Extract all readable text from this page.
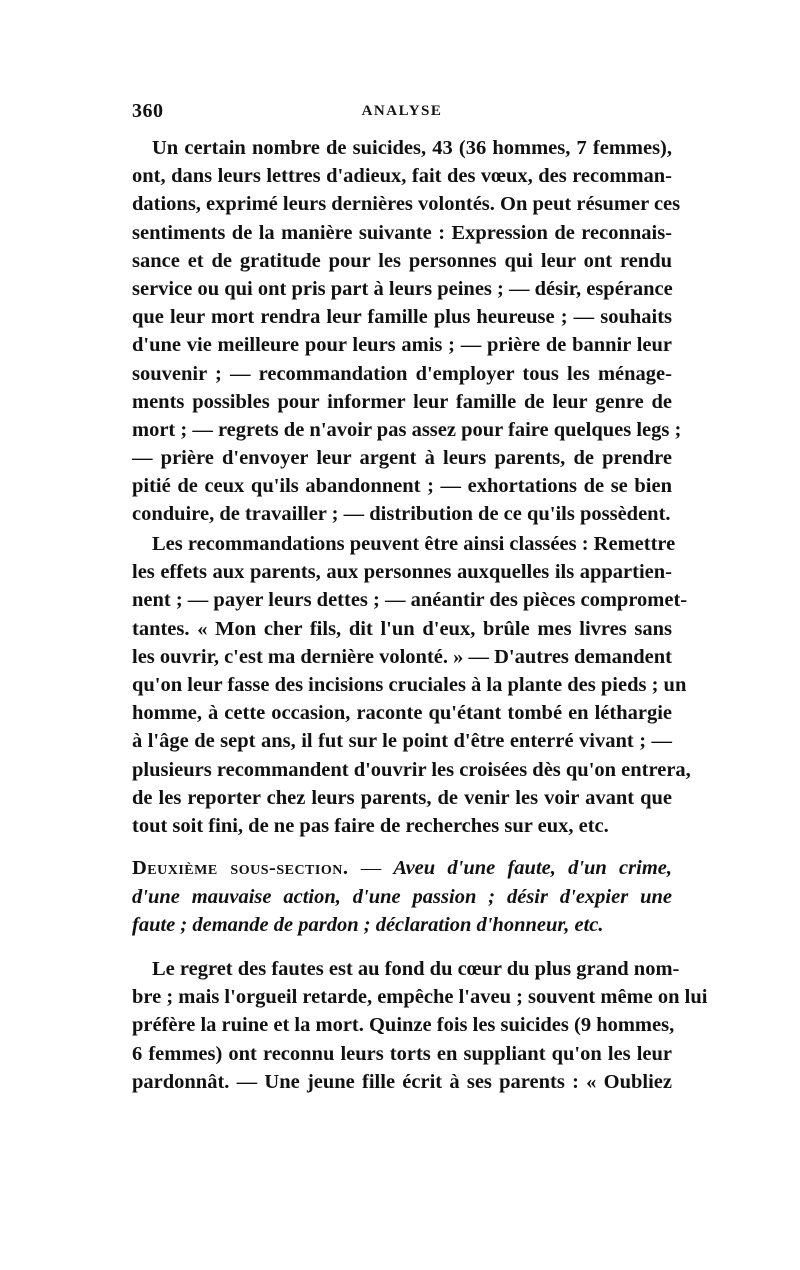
360	ANALYSE
Un certain nombre de suicides, 43 (36 hommes, 7 femmes),
ont, dans leurs lettres d'adieux, fait des vœux, des recomman-
dations, exprimé leurs dernières volontés. On peut résumer ces
sentiments de la manière suivante : Expression de reconnais-
sance et de gratitude pour les personnes qui leur ont rendu
service ou qui ont pris part à leurs peines ; — désir, espérance
que leur mort rendra leur famille plus heureuse ; — souhaits
d'une vie meilleure pour leurs amis ; — prière de bannir leur
souvenir ; — recommandation d'employer tous les ménage-
ments possibles pour informer leur famille de leur genre de
mort ; — regrets de n'avoir pas assez pour faire quelques legs ;
— prière d'envoyer leur argent à leurs parents, de prendre
pitié de ceux qu'ils abandonnent ; — exhortations de se bien
conduire, de travailler ; — distribution de ce qu'ils possèdent.
Les recommandations peuvent être ainsi classées : Remettre
les effets aux parents, aux personnes auxquelles ils appartien-
nent ; — payer leurs dettes ; — anéantir des pièces compromet-
tantes. « Mon cher fils, dit l'un d'eux, brûle mes livres sans
les ouvrir, c'est ma dernière volonté. » — D'autres demandent
qu'on leur fasse des incisions cruciales à la plante des pieds ; un
homme, à cette occasion, raconte qu'étant tombé en léthargie
à l'âge de sept ans, il fut sur le point d'être enterré vivant ; —
plusieurs recommandent d'ouvrir les croisées dès qu'on entrera,
de les reporter chez leurs parents, de venir les voir avant que
tout soit fini, de ne pas faire de recherches sur eux, etc.
Deuxième sous-section. — Aveu d'une faute, d'un crime,
d'une mauvaise action, d'une passion ; désir d'expier une
faute ; demande de pardon ; déclaration d'honneur, etc.
Le regret des fautes est au fond du cœur du plus grand nom-
bre ; mais l'orgueil retarde, empêche l'aveu ; souvent même on lui
préfère la ruine et la mort. Quinze fois les suicides (9 hommes,
6 femmes) ont reconnu leurs torts en suppliant qu'on les leur
pardonnât. — Une jeune fille écrit à ses parents : « Oubliez
